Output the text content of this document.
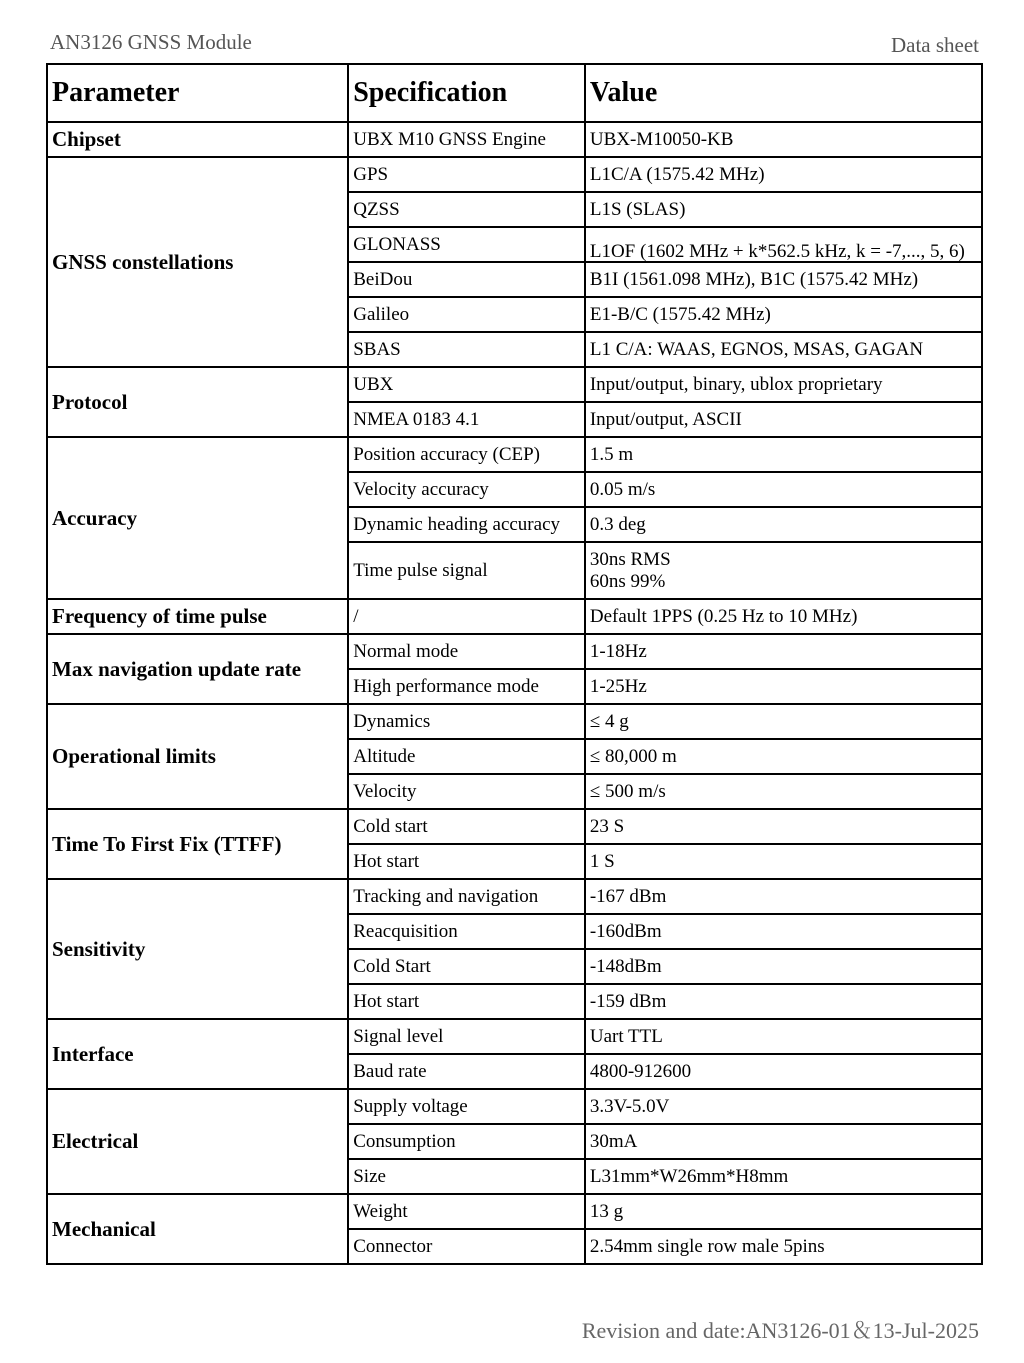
AN3126 GNSS Module	Data sheet
Parameter	Specification	Value
Chipset	UBX M10 GNSS Engine	UBX-M10050-KB
GNSS constellations	GPS	L1C/A (1575.42 MHz)
	QZSS	L1S (SLAS)
	GLONASS	L1OF (1602 MHz + k*562.5 kHz, k = -7,..., 5, 6)

	BeiDou	B1I (1561.098 MHz), B1C (1575.42 MHz)
	Galileo	E1-B/C (1575.42 MHz)
	SBAS	L1 C/A: WAAS, EGNOS, MSAS, GAGAN
Protocol	UBX	Input/output, binary, ublox proprietary
	NMEA 0183 4.1	Input/output, ASCII
Accuracy	Position accuracy (CEP)	1.5 m
	Velocity accuracy	0.05 m/s
	Dynamic heading accuracy	0.3 deg
	Time pulse signal	30ns RMS
60ns 99%

Frequency of time pulse	/	Default 1PPS (0.25 Hz to 10 MHz)
Max navigation update rate	Normal mode	1-18Hz
	High performance mode	1-25Hz
Operational limits	Dynamics	≤ 4 g
	Altitude	≤ 80,000 m
	Velocity	≤ 500 m/s
Time To First Fix (TTFF)	Cold start	23 S
	Hot start	1 S
Sensitivity	Tracking and navigation	-167 dBm
	Reacquisition	-160dBm
	Cold Start	-148dBm
	Hot start	-159 dBm
Interface	Signal level	Uart TTL
	Baud rate	4800-912600
Electrical	Supply voltage	3.3V-5.0V
	Consumption	30mA
	Size	L31mm*W26mm*H8mm
Mechanical	Weight	13 g
	Connector	2.54mm single row male 5pins
Revision and date:AN3126-01＆13-Jul-2025
